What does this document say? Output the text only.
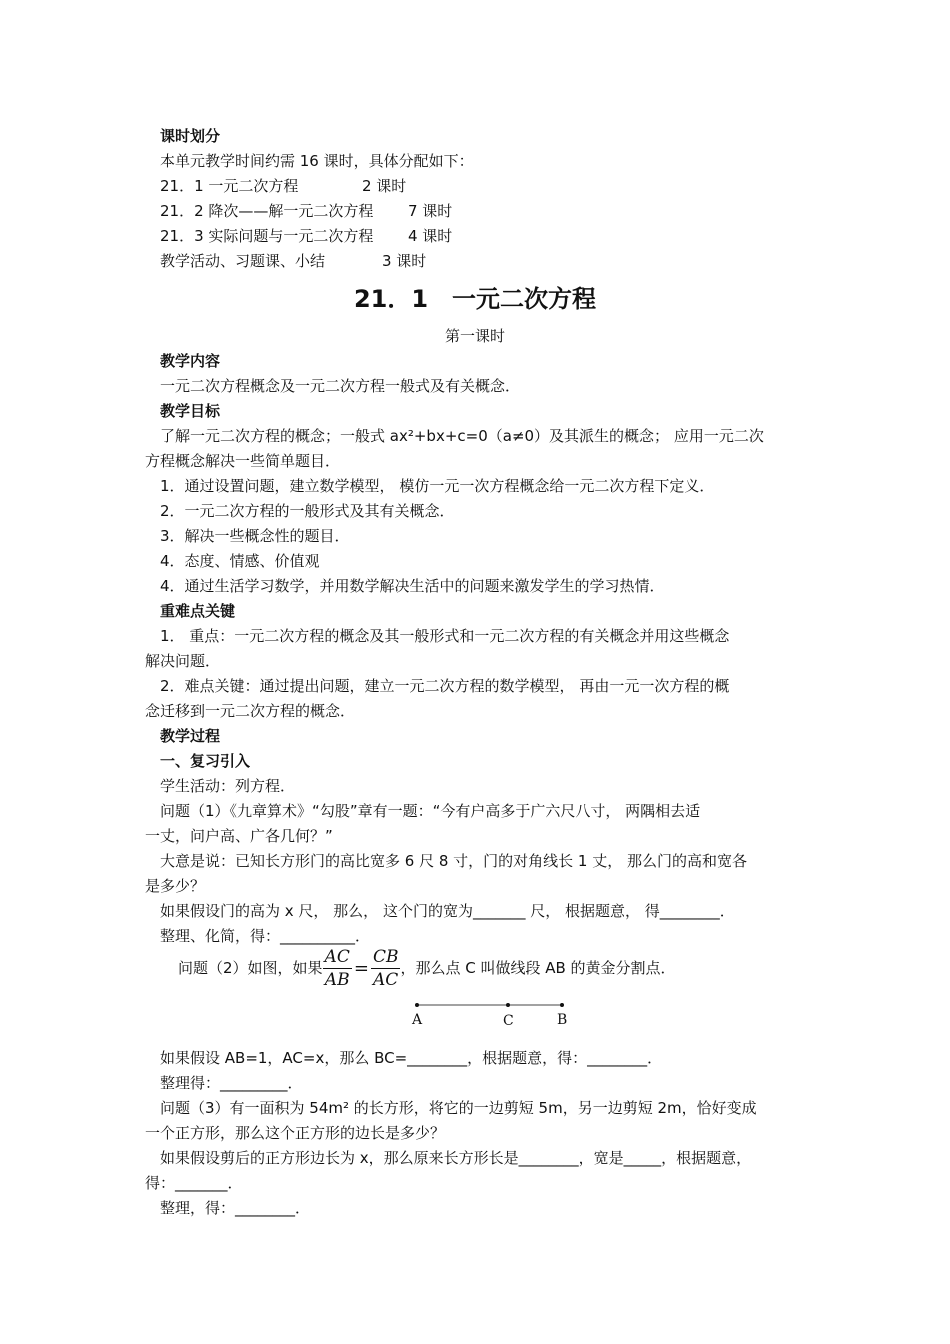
课时划分
本单元教学时间约需 16 课时，具体分配如下：
21．1 一元二次方程	2 课时
21．2 降次——解一元二次方程 7 课时
21．3 实际问题与一元二次方程 4 课时
教学活动、习题课、小结	3 课时
21．1　一元二次方程
第一课时
教学内容
一元二次方程概念及一元二次方程一般式及有关概念．
教学目标
了解一元二次方程的概念；一般式 ax²+bx+c=0（a≠0）及其派生的概念； 应用一元二次
方程概念解决一些简单题目．
1．通过设置问题，建立数学模型， 模仿一元一次方程概念给一元二次方程下定义．
2．一元二次方程的一般形式及其有关概念．
3．解决一些概念性的题目．
4．态度、情感、价值观
4．通过生活学习数学，并用数学解决生活中的问题来激发学生的学习热情．
重难点关键
1． 重点：一元二次方程的概念及其一般形式和一元二次方程的有关概念并用这些概念
解决问题．
2．难点关键：通过提出问题，建立一元二次方程的数学模型， 再由一元一次方程的概
念迁移到一元二次方程的概念．
教学过程
一、复习引入
学生活动：列方程．
问题（1）《九章算术》“勾股”章有一题：“今有户高多于广六尺八寸， 两隅相去适
一丈，问户高、广各几何？”
大意是说：已知长方形门的高比宽多 6 尺 8 寸，门的对角线长 1 丈， 那么门的高和宽各
是多少？
如果假设门的高为 x 尺， 那么， 这个门的宽为_______ 尺， 根据题意， 得________．
整理、化简，得：__________．
问题（2）如图，如果 $\frac{AC}{AB} = \frac{CB}{AC}$ ，那么点 C 叫做线段 AB 的黄金分割点．
A	C	B
如果假设 AB=1，AC=x，那么 BC=________，根据题意，得：________．
整理得：_________．
问题（3）有一面积为 54m² 的长方形，将它的一边剪短 5m，另一边剪短 2m，恰好变成
一个正方形，那么这个正方形的边长是多少？
如果假设剪后的正方形边长为 x，那么原来长方形长是________，宽是_____，根据题意，
得：_______．
整理，得：________．
